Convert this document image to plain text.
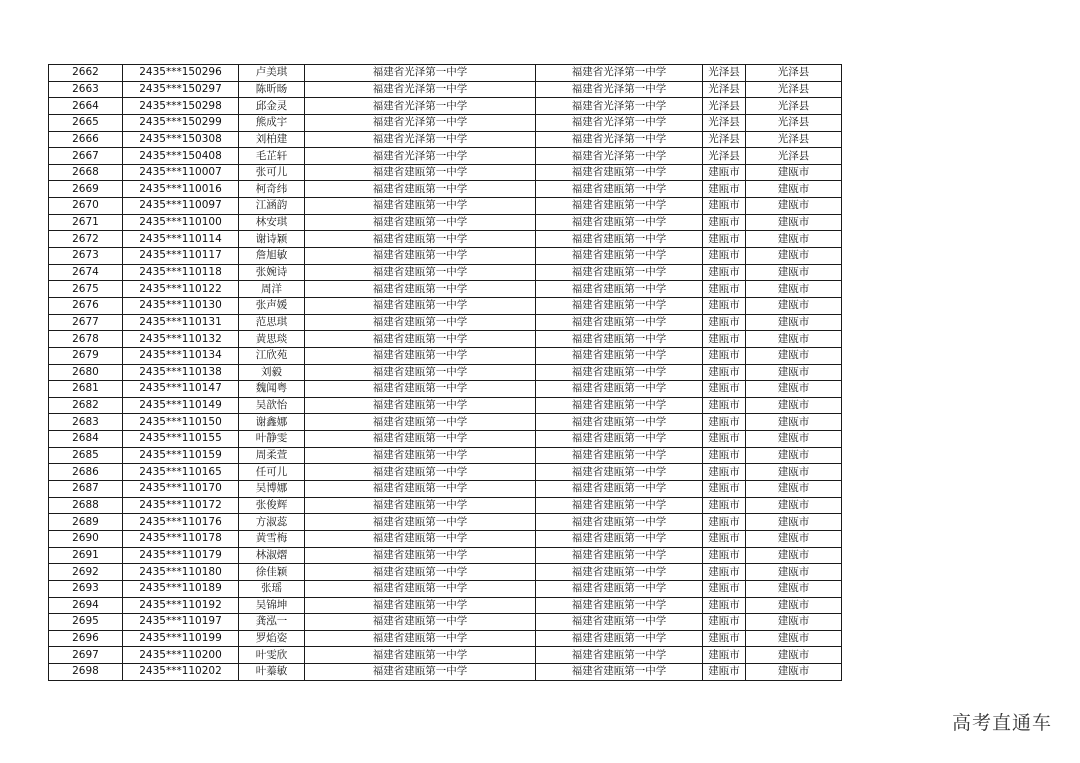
2662	2435***150296	卢美琪	福建省光泽第一中学	福建省光泽第一中学	光泽县	光泽县
2663	2435***150297	陈昕旸	福建省光泽第一中学	福建省光泽第一中学	光泽县	光泽县
2664	2435***150298	邱金灵	福建省光泽第一中学	福建省光泽第一中学	光泽县	光泽县
2665	2435***150299	熊成宇	福建省光泽第一中学	福建省光泽第一中学	光泽县	光泽县
2666	2435***150308	刘柏建	福建省光泽第一中学	福建省光泽第一中学	光泽县	光泽县
2667	2435***150408	毛芷轩	福建省光泽第一中学	福建省光泽第一中学	光泽县	光泽县
2668	2435***110007	张可儿	福建省建瓯第一中学	福建省建瓯第一中学	建瓯市	建瓯市
2669	2435***110016	柯奇纬	福建省建瓯第一中学	福建省建瓯第一中学	建瓯市	建瓯市
2670	2435***110097	江涵韵	福建省建瓯第一中学	福建省建瓯第一中学	建瓯市	建瓯市
2671	2435***110100	林安琪	福建省建瓯第一中学	福建省建瓯第一中学	建瓯市	建瓯市
2672	2435***110114	谢诗颖	福建省建瓯第一中学	福建省建瓯第一中学	建瓯市	建瓯市
2673	2435***110117	詹旭敏	福建省建瓯第一中学	福建省建瓯第一中学	建瓯市	建瓯市
2674	2435***110118	张婉诗	福建省建瓯第一中学	福建省建瓯第一中学	建瓯市	建瓯市
2675	2435***110122	周洋	福建省建瓯第一中学	福建省建瓯第一中学	建瓯市	建瓯市
2676	2435***110130	张声媛	福建省建瓯第一中学	福建省建瓯第一中学	建瓯市	建瓯市
2677	2435***110131	范思琪	福建省建瓯第一中学	福建省建瓯第一中学	建瓯市	建瓯市
2678	2435***110132	黄思琰	福建省建瓯第一中学	福建省建瓯第一中学	建瓯市	建瓯市
2679	2435***110134	江欣苑	福建省建瓯第一中学	福建省建瓯第一中学	建瓯市	建瓯市
2680	2435***110138	刘毅	福建省建瓯第一中学	福建省建瓯第一中学	建瓯市	建瓯市
2681	2435***110147	魏闻粤	福建省建瓯第一中学	福建省建瓯第一中学	建瓯市	建瓯市
2682	2435***110149	吴歆怡	福建省建瓯第一中学	福建省建瓯第一中学	建瓯市	建瓯市
2683	2435***110150	谢鑫娜	福建省建瓯第一中学	福建省建瓯第一中学	建瓯市	建瓯市
2684	2435***110155	叶静雯	福建省建瓯第一中学	福建省建瓯第一中学	建瓯市	建瓯市
2685	2435***110159	周柔萱	福建省建瓯第一中学	福建省建瓯第一中学	建瓯市	建瓯市
2686	2435***110165	任可儿	福建省建瓯第一中学	福建省建瓯第一中学	建瓯市	建瓯市
2687	2435***110170	吴博娜	福建省建瓯第一中学	福建省建瓯第一中学	建瓯市	建瓯市
2688	2435***110172	张俊辉	福建省建瓯第一中学	福建省建瓯第一中学	建瓯市	建瓯市
2689	2435***110176	方淑蕊	福建省建瓯第一中学	福建省建瓯第一中学	建瓯市	建瓯市
2690	2435***110178	黄雪梅	福建省建瓯第一中学	福建省建瓯第一中学	建瓯市	建瓯市
2691	2435***110179	林淑熠	福建省建瓯第一中学	福建省建瓯第一中学	建瓯市	建瓯市
2692	2435***110180	徐佳颖	福建省建瓯第一中学	福建省建瓯第一中学	建瓯市	建瓯市
2693	2435***110189	张瑶	福建省建瓯第一中学	福建省建瓯第一中学	建瓯市	建瓯市
2694	2435***110192	吴锦坤	福建省建瓯第一中学	福建省建瓯第一中学	建瓯市	建瓯市
2695	2435***110197	龚泓一	福建省建瓯第一中学	福建省建瓯第一中学	建瓯市	建瓯市
2696	2435***110199	罗焰姿	福建省建瓯第一中学	福建省建瓯第一中学	建瓯市	建瓯市
2697	2435***110200	叶雯欣	福建省建瓯第一中学	福建省建瓯第一中学	建瓯市	建瓯市
2698	2435***110202	叶蓁敏	福建省建瓯第一中学	福建省建瓯第一中学	建瓯市	建瓯市
高考直通车
